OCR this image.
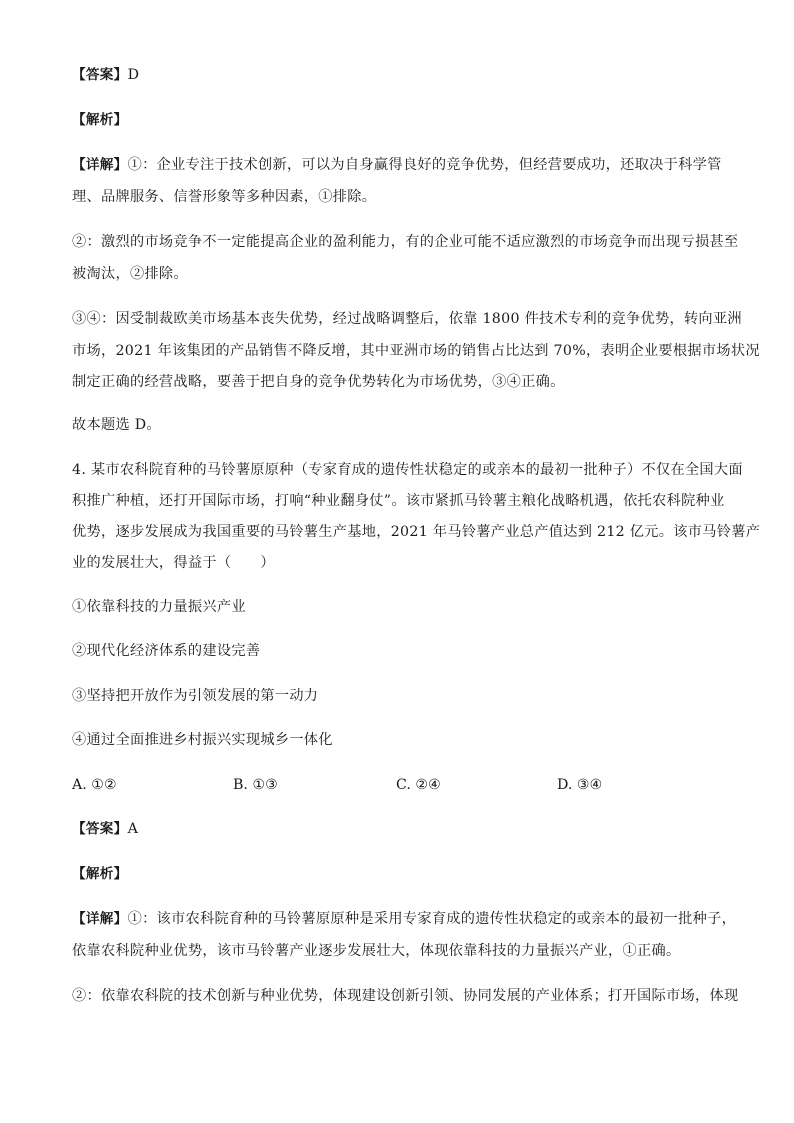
【答案】D
【解析】
【详解】①：企业专注于技术创新，可以为自身赢得良好的竞争优势，但经营要成功，还取决于科学管
理、品牌服务、信誉形象等多种因素，①排除。
②：激烈的市场竞争不一定能提高企业的盈利能力，有的企业可能不适应激烈的市场竞争而出现亏损甚至
被淘汰，②排除。
③④：因受制裁欧美市场基本丧失优势，经过战略调整后，依靠 1800 件技术专利的竞争优势，转向亚洲
市场，2021 年该集团的产品销售不降反增，其中亚洲市场的销售占比达到 70%，表明企业要根据市场状况
制定正确的经营战略，要善于把自身的竞争优势转化为市场优势，③④正确。
故本题选 D。
4. 某市农科院育种的马铃薯原原种（专家育成的遗传性状稳定的或亲本的最初一批种子）不仅在全国大面
积推广种植，还打开国际市场，打响“种业翻身仗”。该市紧抓马铃薯主粮化战略机遇，依托农科院种业
优势，逐步发展成为我国重要的马铃薯生产基地，2021 年马铃薯产业总产值达到 212 亿元。该市马铃薯产
业的发展壮大，得益于（　　）
①依靠科技的力量振兴产业
②现代化经济体系的建设完善
③坚持把开放作为引领发展的第一动力
④通过全面推进乡村振兴实现城乡一体化
A. ①②	B. ①③	C. ②④	D. ③④
【答案】A
【解析】
【详解】①：该市农科院育种的马铃薯原原种是采用专家育成的遗传性状稳定的或亲本的最初一批种子，
依靠农科院种业优势，该市马铃薯产业逐步发展壮大，体现依靠科技的力量振兴产业，①正确。
②：依靠农科院的技术创新与种业优势，体现建设创新引领、协同发展的产业体系；打开国际市场，体现
